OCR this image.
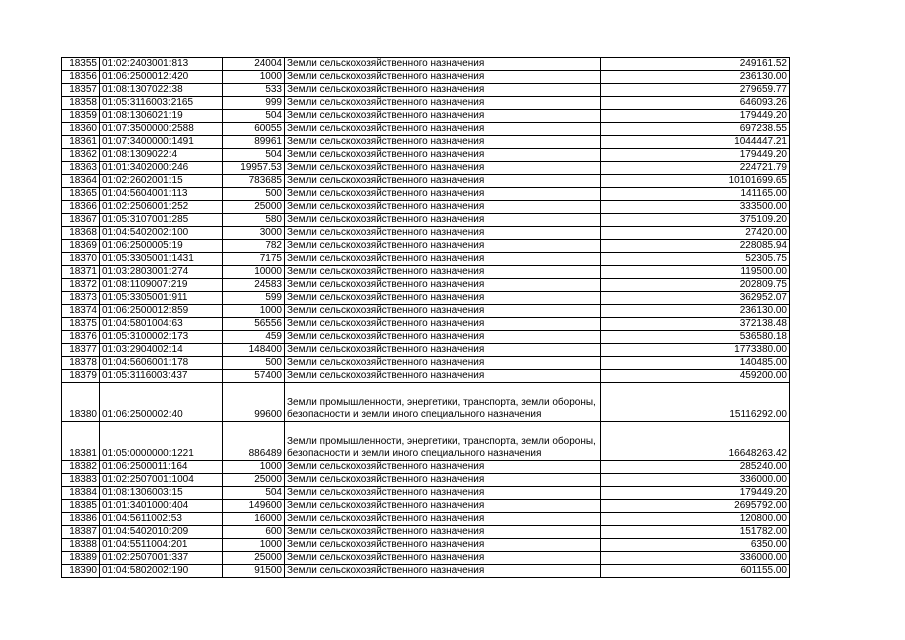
18355	01:02:2403001:813	24004	Земли сельскохозяйственного назначения	249161.52
18356	01:06:2500012:420	1000	Земли сельскохозяйственного назначения	236130.00
18357	01:08:1307022:38	533	Земли сельскохозяйственного назначения	279659.77
18358	01:05:3116003:2165	999	Земли сельскохозяйственного назначения	646093.26
18359	01:08:1306021:19	504	Земли сельскохозяйственного назначения	179449.20
18360	01:07:3500000:2588	60055	Земли сельскохозяйственного назначения	697238.55
18361	01:07:3400000:1491	89961	Земли сельскохозяйственного назначения	1044447.21
18362	01:08:1309022:4	504	Земли сельскохозяйственного назначения	179449.20
18363	01:01:3402000:246	19957.53	Земли сельскохозяйственного назначения	224721.79
18364	01:02:2602001:15	783685	Земли сельскохозяйственного назначения	10101699.65
18365	01:04:5604001:113	500	Земли сельскохозяйственного назначения	141165.00
18366	01:02:2506001:252	25000	Земли сельскохозяйственного назначения	333500.00
18367	01:05:3107001:285	580	Земли сельскохозяйственного назначения	375109.20
18368	01:04:5402002:100	3000	Земли сельскохозяйственного назначения	27420.00
18369	01:06:2500005:19	782	Земли сельскохозяйственного назначения	228085.94
18370	01:05:3305001:1431	7175	Земли сельскохозяйственного назначения	52305.75
18371	01:03:2803001:274	10000	Земли сельскохозяйственного назначения	119500.00
18372	01:08:1109007:219	24583	Земли сельскохозяйственного назначения	202809.75
18373	01:05:3305001:911	599	Земли сельскохозяйственного назначения	362952.07
18374	01:06:2500012:859	1000	Земли сельскохозяйственного назначения	236130.00
18375	01:04:5801004:63	56556	Земли сельскохозяйственного назначения	372138.48
18376	01:05:3100002:173	459	Земли сельскохозяйственного назначения	536580.18
18377	01:03:2904002:14	148400	Земли сельскохозяйственного назначения	1773380.00
18378	01:04:5606001:178	500	Земли сельскохозяйственного назначения	140485.00
18379	01:05:3116003:437	57400	Земли сельскохозяйственного назначения	459200.00
18380	01:06:2500002:40	99600	Земли промышленности, энергетики, транспорта, земли обороны, безопасности и земли иного специального назначения	15116292.00
18381	01:05:0000000:1221	886489	Земли промышленности, энергетики, транспорта, земли обороны, безопасности и земли иного специального назначения	16648263.42
18382	01:06:2500011:164	1000	Земли сельскохозяйственного назначения	285240.00
18383	01:02:2507001:1004	25000	Земли сельскохозяйственного назначения	336000.00
18384	01:08:1306003:15	504	Земли сельскохозяйственного назначения	179449.20
18385	01:01:3401000:404	149600	Земли сельскохозяйственного назначения	2695792.00
18386	01:04:5611002:53	16000	Земли сельскохозяйственного назначения	120800.00
18387	01:04:5402010:209	600	Земли сельскохозяйственного назначения	151782.00
18388	01:04:5511004:201	1000	Земли сельскохозяйственного назначения	6350.00
18389	01:02:2507001:337	25000	Земли сельскохозяйственного назначения	336000.00
18390	01:04:5802002:190	91500	Земли сельскохозяйственного назначения	601155.00
